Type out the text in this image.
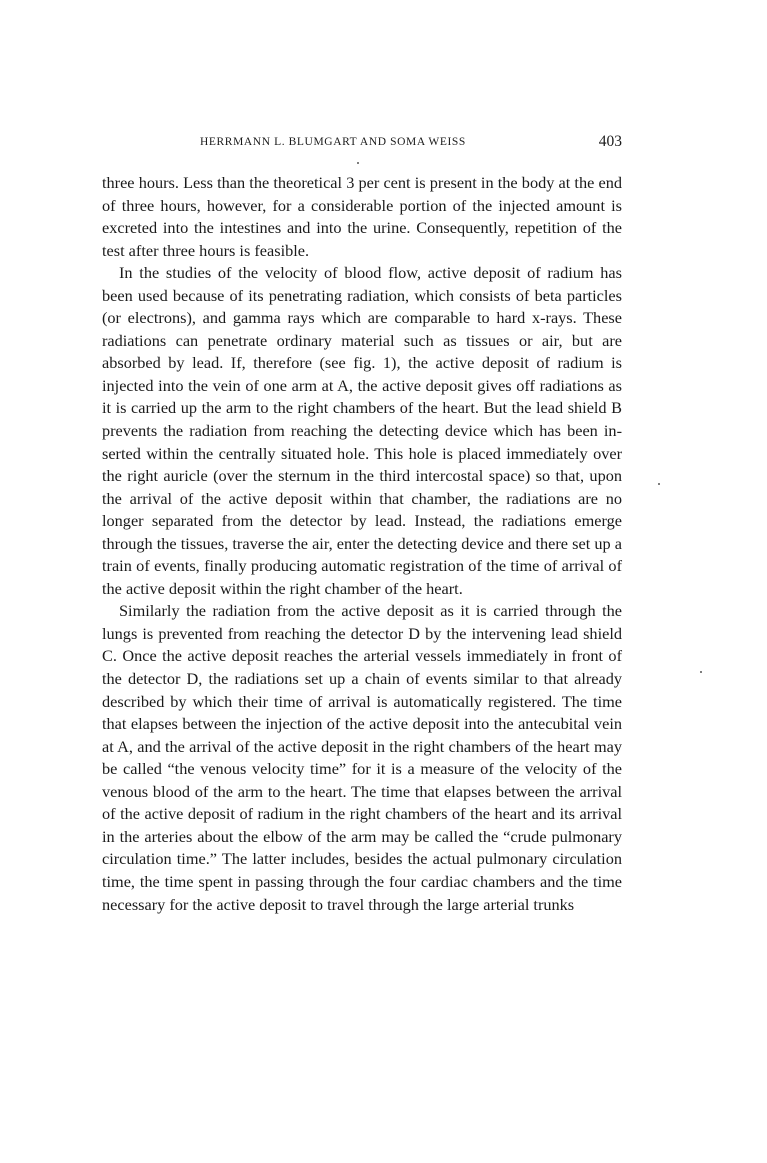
HERRMANN L. BLUMGART AND SOMA WEISS	403

three hours. Less than the theoretical 3 per cent is present in the body at the end of three hours, however, for a considerable portion of the injected amount is excreted into the intestines and into the urine. Consequently, repetition of the test after three hours is feasible.

In the studies of the velocity of blood flow, active deposit of radium has been used because of its penetrating radiation, which consists of beta particles (or electrons), and gamma rays which are comparable to hard x-rays. These radiations can penetrate ordinary material such as tissues or air, but are absorbed by lead. If, therefore (see fig. 1), the active deposit of radium is injected into the vein of one arm at A, the active deposit gives off radiations as it is carried up the arm to the right chambers of the heart. But the lead shield B prevents the radiation from reaching the detecting device which has been inserted within the centrally situated hole. This hole is placed immediately over the right auricle (over the sternum in the third intercostal space) so that, upon the arrival of the active deposit within that chamber, the radiations are no longer separated from the detector by lead. Instead, the radiations emerge through the tissues, traverse the air, enter the detecting device and there set up a train of events, finally producing automatic registration of the time of arrival of the active deposit within the right chamber of the heart.

Similarly the radiation from the active deposit as it is carried through the lungs is prevented from reaching the detector D by the intervening lead shield C. Once the active deposit reaches the arterial vessels immediately in front of the detector D, the radiations set up a chain of events similar to that already described by which their time of arrival is automatically registered. The time that elapses between the injection of the active deposit into the antecubital vein at A, and the arrival of the active deposit in the right chambers of the heart may be called “the venous velocity time” for it is a measure of the velocity of the venous blood of the arm to the heart. The time that elapses between the arrival of the active deposit of radium in the right chambers of the heart and its arrival in the arteries about the elbow of the arm may be called the “crude pulmonary circulation time.” The latter includes, besides the actual pulmonary circulation time, the time spent in passing through the four cardiac chambers and the time necessary for the active deposit to travel through the large arterial trunks
